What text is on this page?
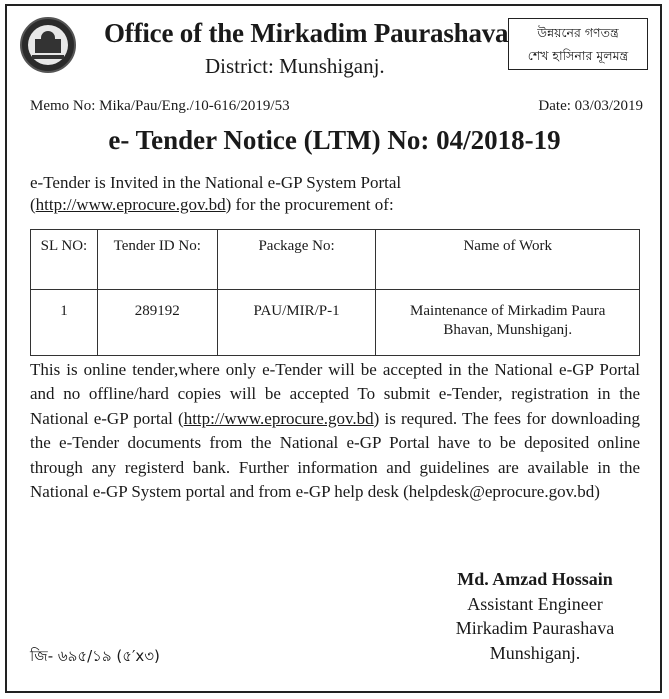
Office of the Mirkadim Paurashava
District: Munshiganj.
উন্নয়নের গণতন্ত্র
শেখ হাসিনার মূলমন্ত্র
Memo No: Mika/Pau/Eng./10-616/2019/53	Date: 03/03/2019
e- Tender Notice (LTM) No: 04/2018-19
e-Tender is Invited in the National e-GP System Portal
(http://www.eprocure.gov.bd) for the procurement of:
SL NO:	Tender ID No:	Package No:	Name of Work
1	289192	PAU/MIR/P-1	Maintenance of Mirkadim Paura Bhavan, Munshiganj.
This is online tender,where only e-Tender will be accepted in the National e-GP Portal and no offline/hard copies will be accepted To submit e-Tender, registration in the National e-GP portal (http://www.eprocure.gov.bd) is requred. The fees for downloading the e-Tender documents from the National e-GP Portal have to be deposited online through any registerd bank. Further information and guidelines are available in the National e-GP System portal and from e-GP help desk (helpdesk@eprocure.gov.bd)
Md. Amzad Hossain
Assistant Engineer
Mirkadim Paurashava
Munshiganj.
জি- ৬৯৫/১৯ (৫′x৩)
